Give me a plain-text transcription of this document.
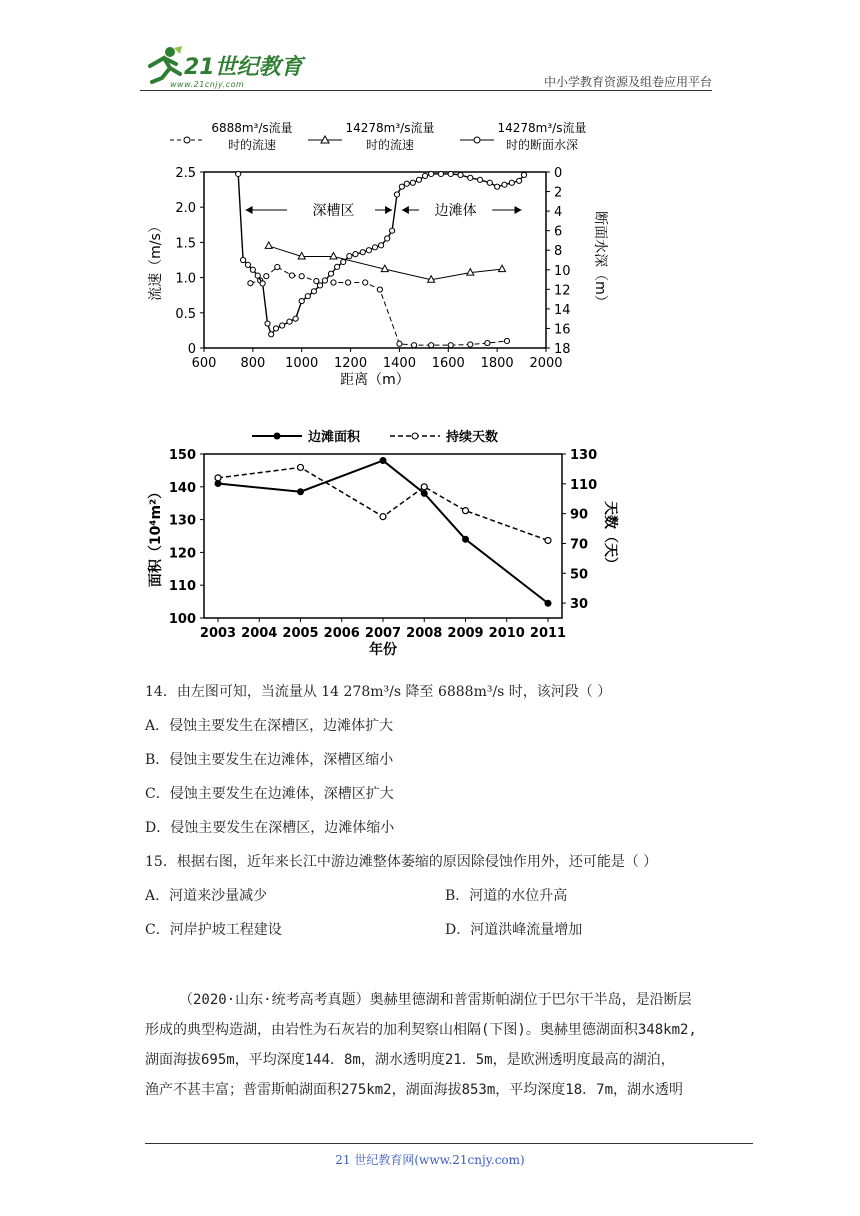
21世纪教育
www.21cnjy.com	中小学教育资源及组卷应用平台
600 800 1000 1200 1400 1600 1800 2000
0
0.5
1.0
1.5
2.0
2.5	0
2
4
6
8
10
12
14
16
18
距离（m）
流速（m/s）	断面水深（m）
6888m³/s流量
时的流速
14278m³/s流量
时的流速
14278m³/s流量
时的断面水深
深槽区	边滩体
2003 2004 2005 2006 2007 2008 2009 2010 2011
100
110
120
130
140
150
30
50
70
90
110
130
年份
面积（10⁴m²）	天数（天）
边滩面积	持续天数
14．由左图可知，当流量从 14 278m³/s 降至 6888m³/s 时，该河段（ ）
A．侵蚀主要发生在深槽区，边滩体扩大
B．侵蚀主要发生在边滩体，深槽区缩小
C．侵蚀主要发生在边滩体，深槽区扩大
D．侵蚀主要发生在深槽区，边滩体缩小
15．根据右图，近年来长江中游边滩整体萎缩的原因除侵蚀作用外，还可能是（ ）
A．河道来沙量减少	B．河道的水位升高
C．河岸护坡工程建设	D．河道洪峰流量增加
（2020·山东·统考高考真题）奥赫里德湖和普雷斯帕湖位于巴尔干半岛，是沿断层
形成的典型构造湖，由岩性为石灰岩的加利契察山相隔(下图)。奥赫里德湖面积348km2,
湖面海拔695m，平均深度144．8m，湖水透明度21．5m，是欧洲透明度最高的湖泊，
渔产不甚丰富；普雷斯帕湖面积275km2，湖面海拔853m，平均深度18．7m，湖水透明
21 世纪教育网(www.21cnjy.com)
